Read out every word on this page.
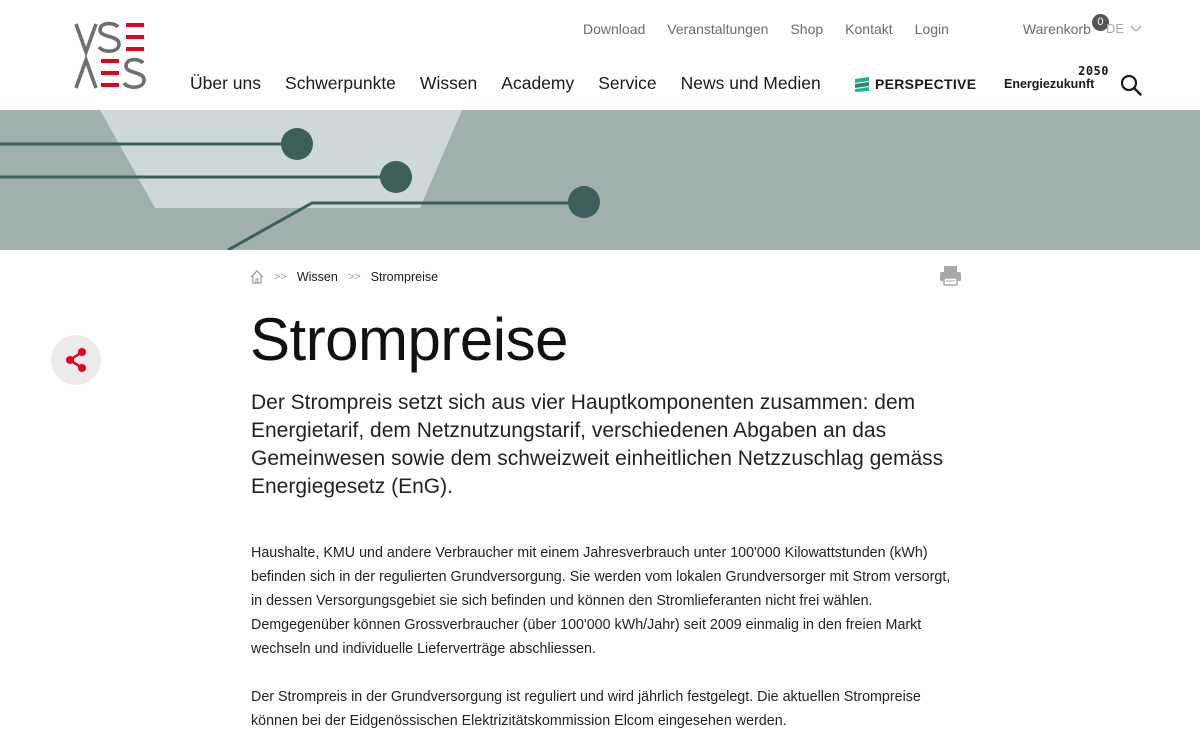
Download Veranstaltungen Shop Kontakt Login	Warenkorb 0 DE
Über uns Schwerpunkte Wissen Academy Service News und Medien	PERSPECTIVE
2050
Energiezukunft
>> Wissen >> Strompreise
Strompreise

Der Strompreis setzt sich aus vier Hauptkomponenten zusammen: dem Energietarif, dem Netznutzungstarif, verschiedenen Abgaben an das Gemeinwesen sowie dem schweizweit einheitlichen Netzzuschlag gemäss Energiegesetz (EnG).

Haushalte, KMU und andere Verbraucher mit einem Jahresverbrauch unter 100'000 Kilowattstunden (kWh) befinden sich in der regulierten Grundversorgung. Sie werden vom lokalen Grundversorger mit Strom versorgt, in dessen Versorgungsgebiet sie sich befinden und können den Stromlieferanten nicht frei wählen. Demgegenüber können Grossverbraucher (über 100'000 kWh/Jahr) seit 2009 einmalig in den freien Markt wechseln und individuelle Lieferverträge abschliessen.

Der Strompreis in der Grundversorgung ist reguliert und wird jährlich festgelegt. Die aktuellen Strompreise können bei der Eidgenössischen Elektrizitätskommission Elcom eingesehen werden.
